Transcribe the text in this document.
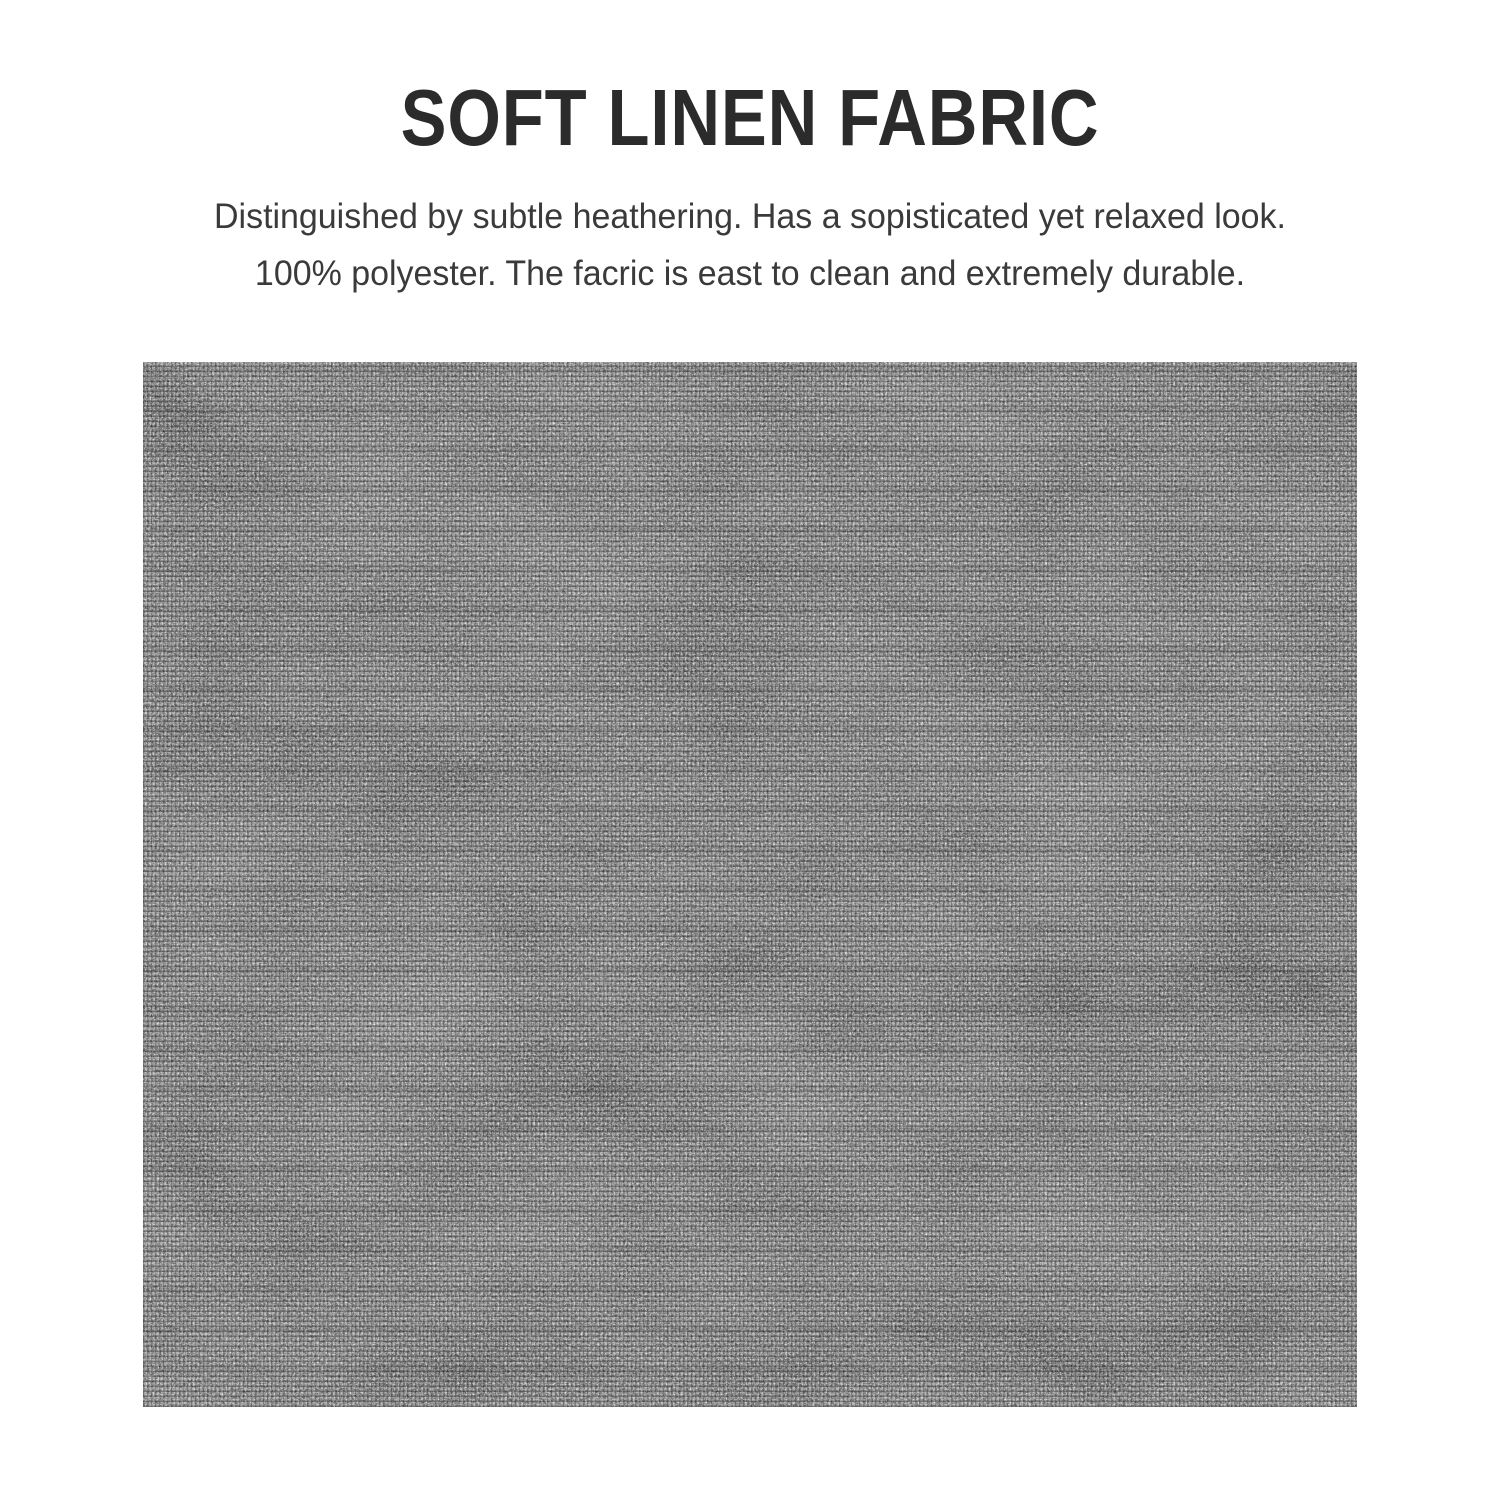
SOFT LINEN FABRIC

Distinguished by subtle heathering. Has a sopisticated yet relaxed look.
100% polyester. The facric is east to clean and extremely durable.
